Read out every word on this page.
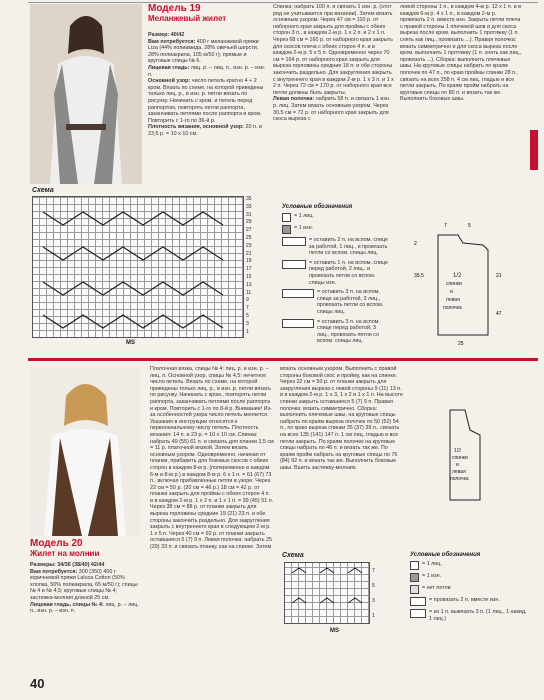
Модель 19
Меланжевый жилет
Размер: 40/42
Вам потребуется: 400 г меланжевой пряжи Liza (44% полиамида, 28% овечьей шерсти, 28% полиакрила, 105 м/50 г); прямые и круговые спицы № 6.
Лицевая гладь: лиц. р. – лиц. п., изн. р. – изн. п.
Основной узор: число петель кратно 4 + 2 кром. Вязать по схеме, на которой приведены только лиц. р., в изн. р. петли вязать по рисунку. Начинать с кром. и петель перед раппортом, повторять петли раппорта, заканчивать петлями после раппорта и кром. Повторить с 1-го по 36-й р.
Плотность вязания, основной узор: 20 п. и 23,5 р. = 10 х 10 см.
Спинка: набрать 100 п. и связать 1 изн. р. (этот ряд не учитывается при вязании). Затем вязать основным узором. Через 47 см = 110 р. от наборного края закрыть для проймы с обеих сторон 3 п., в каждом 2-м р. 1 х 2 п. и 2 х 1 п. Через 68 см = 160 р. от наборного края закрыть для скосов плеча с обеих сторон 4 п. и в каждом 2-м р. 5 х 5 п. Одновременно через 70 см = 164 р. от наборного края закрыть для выреза горловины средние 18 п. и обе стороны закончить раздельно. Для закругления закрыть с внутреннего края в каждом 2-м р. 1 х 3 п. и 1 х 2 п. Через 72 см = 170 р. от наборного края все петли должны быть закрыты.
Левая полочка: набрать 58 п. и связать 1 изн. р. лиц. Затем вязать основным узором. Через 30,5 см = 72 р. от наборного края закрыть для скоса выреза с
левой стороны 1 п., в каждом 4-м р. 12 х 1 п. и в каждом 6-м р. 4 х 1 п., в каждом 2-м р. провязать 2 п. вместе изн. Закрыть петли плеча с правой стороны 1 плечевой шов и для скоса выреза после кром. выполнить 1 протяжку (1 п. снять как лиц., провязать ...). Правая полочка: вязать симметрично и для скоса выреза после кром. выполнить 1 протяжку (1 п. снять как лиц., провязать ...). Сборка: выполнить плечевые швы. На круговые спицы набрать по краям полочек по 47 п., по краю проймы спинки 28 п., связать на всех 258 п. 4 см лиц. гладью и все петли закрыть. По краям пройм набрать на круговые спицы по 80 п. и вязать так же. Выполнить боковые швы.
Схема
35
33
31
29
27
25
23
21
19
17
15
13
11
9
7
5
3
1
MS
Условные обозначения
= 1 лиц.
= 1 изн.
= оставить 2 п. на вспом. спице за работой, 1 лиц., и провязать петли со вспом. спицы лиц.
= оставить 1 п. на вспом. спице перед работой, 2 лиц., и провязать петли со вспом. спицы изн.
= оставить 3 п. на вспом. спице за работой, 3 лиц., провязать петли со вспом. спицы лиц.
= оставить 3 п. на вспом. спице перед работой, 3 лиц., провязать петли со вспом. спицы лиц.
1/2
спинки
и
левая
полочка
2
39,5
47
21
25
7	5
Модель 20
Жилет на молнии
Размеры: 34/36 (38/40) 42/44
Вам потребуется: 300 (350) 400 г коричневой пряжи Laluca Cotton (50% хлопка, 50% полиакрила, 65 м/50 г); спицы № 4 и № 4,5; круговые спицы № 4; застежка-молния длиной 25 см.
Лицевая гладь, спицы № 4: лиц. р. – лиц. п., изн. р. – изн. п.
Платочная вязка, спицы № 4: лиц. р. и изн. р. – лиц. п. Основной узор, спицы № 4,5: нечетное число петель. Вязать по схеме, на которой приведены только лиц. р., в изн. р. петли вязать по рисунку. Начинать с кром., повторять петли раппорта, заканчивать петлями после раппорта и кром. Повторить с 1-го по 8-й р. Внимание! Из-за особенностей узора число петель меняется. Указания в инструкции относятся к первоначальному числу петель. Плотность вязания: 14 п. и 23 р. = 10 х 10 см. Спинка: набрать 49 (55) 61 п. и связать для планки 3,5 см = 11 р. платочной вязкой. Затем вязать основным узором. Одновременно, начиная от планки, прибавить для боковых скосов с обеих сторон в каждом 8-м р. (попеременно в каждом 6-м и 8-м р.) в каждом 8-м р. 6 х 1 п. = 61 (67) 73 п., включая прибавленные петли в узоре. Через 22 см = 50 р. (20 см = 46 р.) 18 см = 42 р. от планки закрыть для проймы с обеих сторон 4 п. и в каждом 2-м р. 1 х 2 п. и 1 х 1 п. = 39 (45) 51 п. Через 38 см = 88 р. от планки закрыть для выреза горловины средние 19 (21) 23 п. и обе стороны закончить раздельно. Для закругления закрыть с внутреннего края в следующем 2-м р. 1 х 5 п. Через 40 см = 92 р. от планки закрыть оставшиеся 5 (7) 9 п. Левая полочка: набрать 25 (29) 33 п. и связать планку, как на спинке. Затем
вязать основным узором. Выполнить с правой стороны боковой скос и пройму, как на спинке. Через 22 см = 50 р. от планки закрыть для закругления выреза с левой стороны 9 (11) 13 п. и в каждом 2-м р. 1 х 3, 1 х 2 и 1 х 1 п. На высоте спинки закрыть оставшиеся 5 (7) 9 п. Правая полочка: вязать симметрично. Сборка: выполнить плечевые швы, на круговые спицы набрать по краям выреза полочек по 50 (52) 54 п., по краю выреза спинки 35 (37) 39 п., связать на всех 135 (141) 147 п. 1 см лиц. гладью и все петли закрыть. По краям полочек на круговые спицы набрать по 46 п. и вязать так же. По краям пройм набрать на круговые спицы по 76 (84) 92 п. и вязать так же. Выполнить боковые швы. Вшить застежку-молнию.
1/2
спинки
и
левая
полочка
Схема
7
5
3
1
MS
Условные обозначения
= 1 лиц.
= 1 изн.
= нет петли
= провязать 2 п. вместе изн.
= из 1 п. вывязать 3 п. (1 лиц., 1 накид, 1 лиц.)
40
